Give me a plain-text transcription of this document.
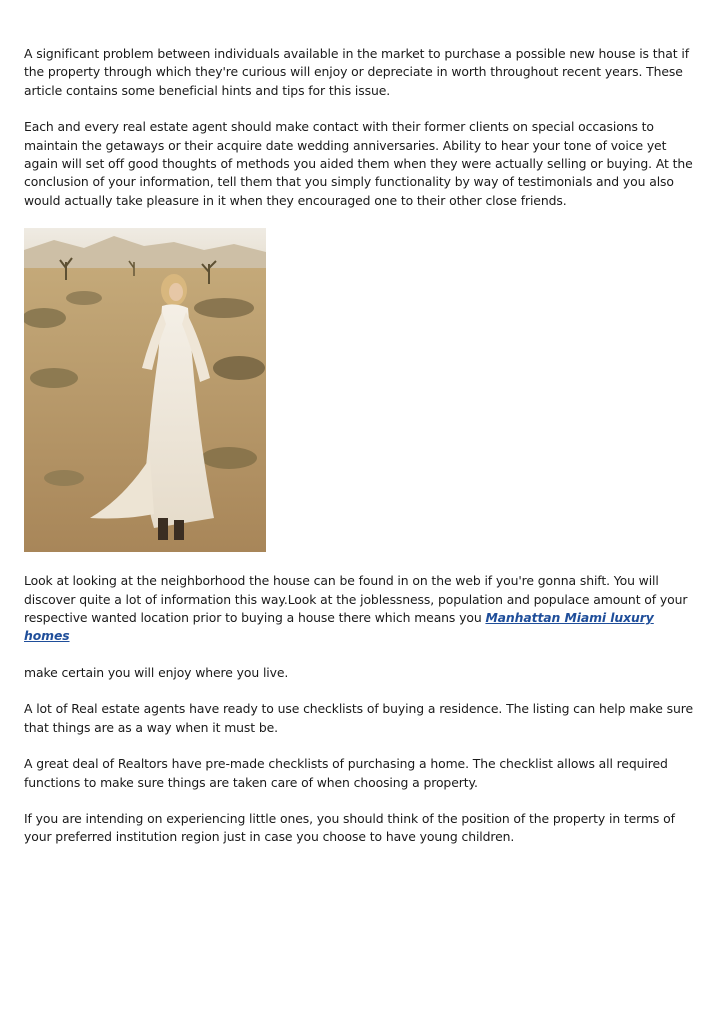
A significant problem between individuals available in the market to purchase a possible new house is that if the property through which they're curious will enjoy or depreciate in worth throughout recent years. These article contains some beneficial hints and tips for this issue.

Each and every real estate agent should make contact with their former clients on special occasions to maintain the getaways or their acquire date wedding anniversaries. Ability to hear your tone of voice yet again will set off good thoughts of methods you aided them when they were actually selling or buying. At the conclusion of your information, tell them that you simply functionality by way of testimonials and you also would actually take pleasure in it when they encouraged one to their other close friends.

Look at looking at the neighborhood the house can be found in on the web if you're gonna shift. You will discover quite a lot of information this way.Look at the joblessness, population and populace amount of your respective wanted location prior to buying a house there which means you Manhattan Miami luxury homes

make certain you will enjoy where you live.

A lot of Real estate agents have ready to use checklists of buying a residence. The listing can help make sure that things are as a way when it must be.

A great deal of Realtors have pre-made checklists of purchasing a home. The checklist allows all required functions to make sure things are taken care of when choosing a property.

If you are intending on experiencing little ones, you should think of the position of the property in terms of your preferred institution region just in case you choose to have young children.
